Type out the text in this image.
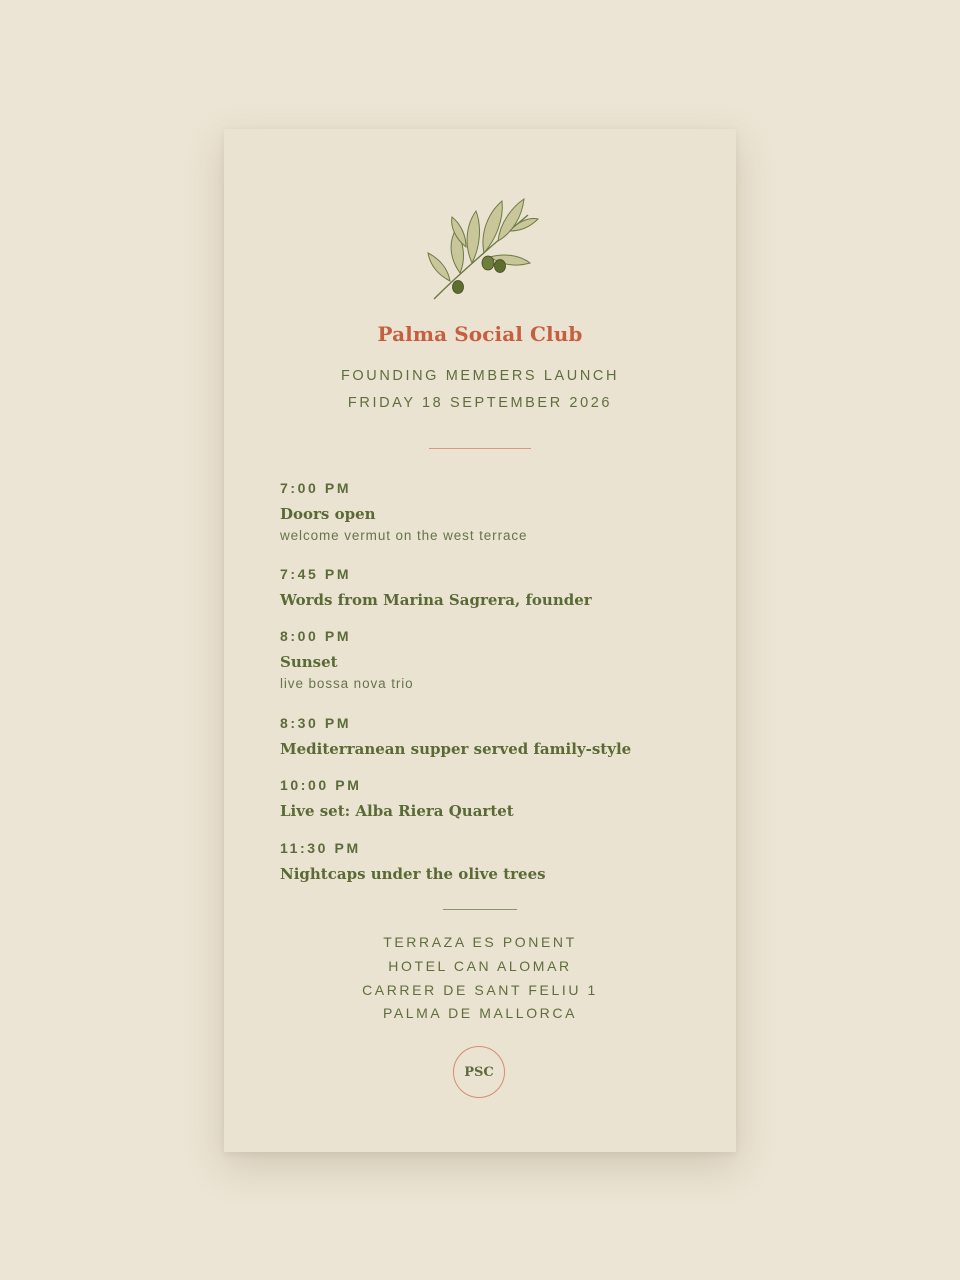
Palma Social Club
FOUNDING MEMBERS LAUNCH
FRIDAY 18 SEPTEMBER 2026
7:00 PM
Doors open
welcome vermut on the west terrace
7:45 PM
Words from Marina Sagrera, founder
8:00 PM
Sunset
live bossa nova trio
8:30 PM
Mediterranean supper served family-style
10:00 PM
Live set: Alba Riera Quartet
11:30 PM
Nightcaps under the olive trees
TERRAZA ES PONENT
HOTEL CAN ALOMAR
CARRER DE SANT FELIU 1
PALMA DE MALLORCA
PSC
